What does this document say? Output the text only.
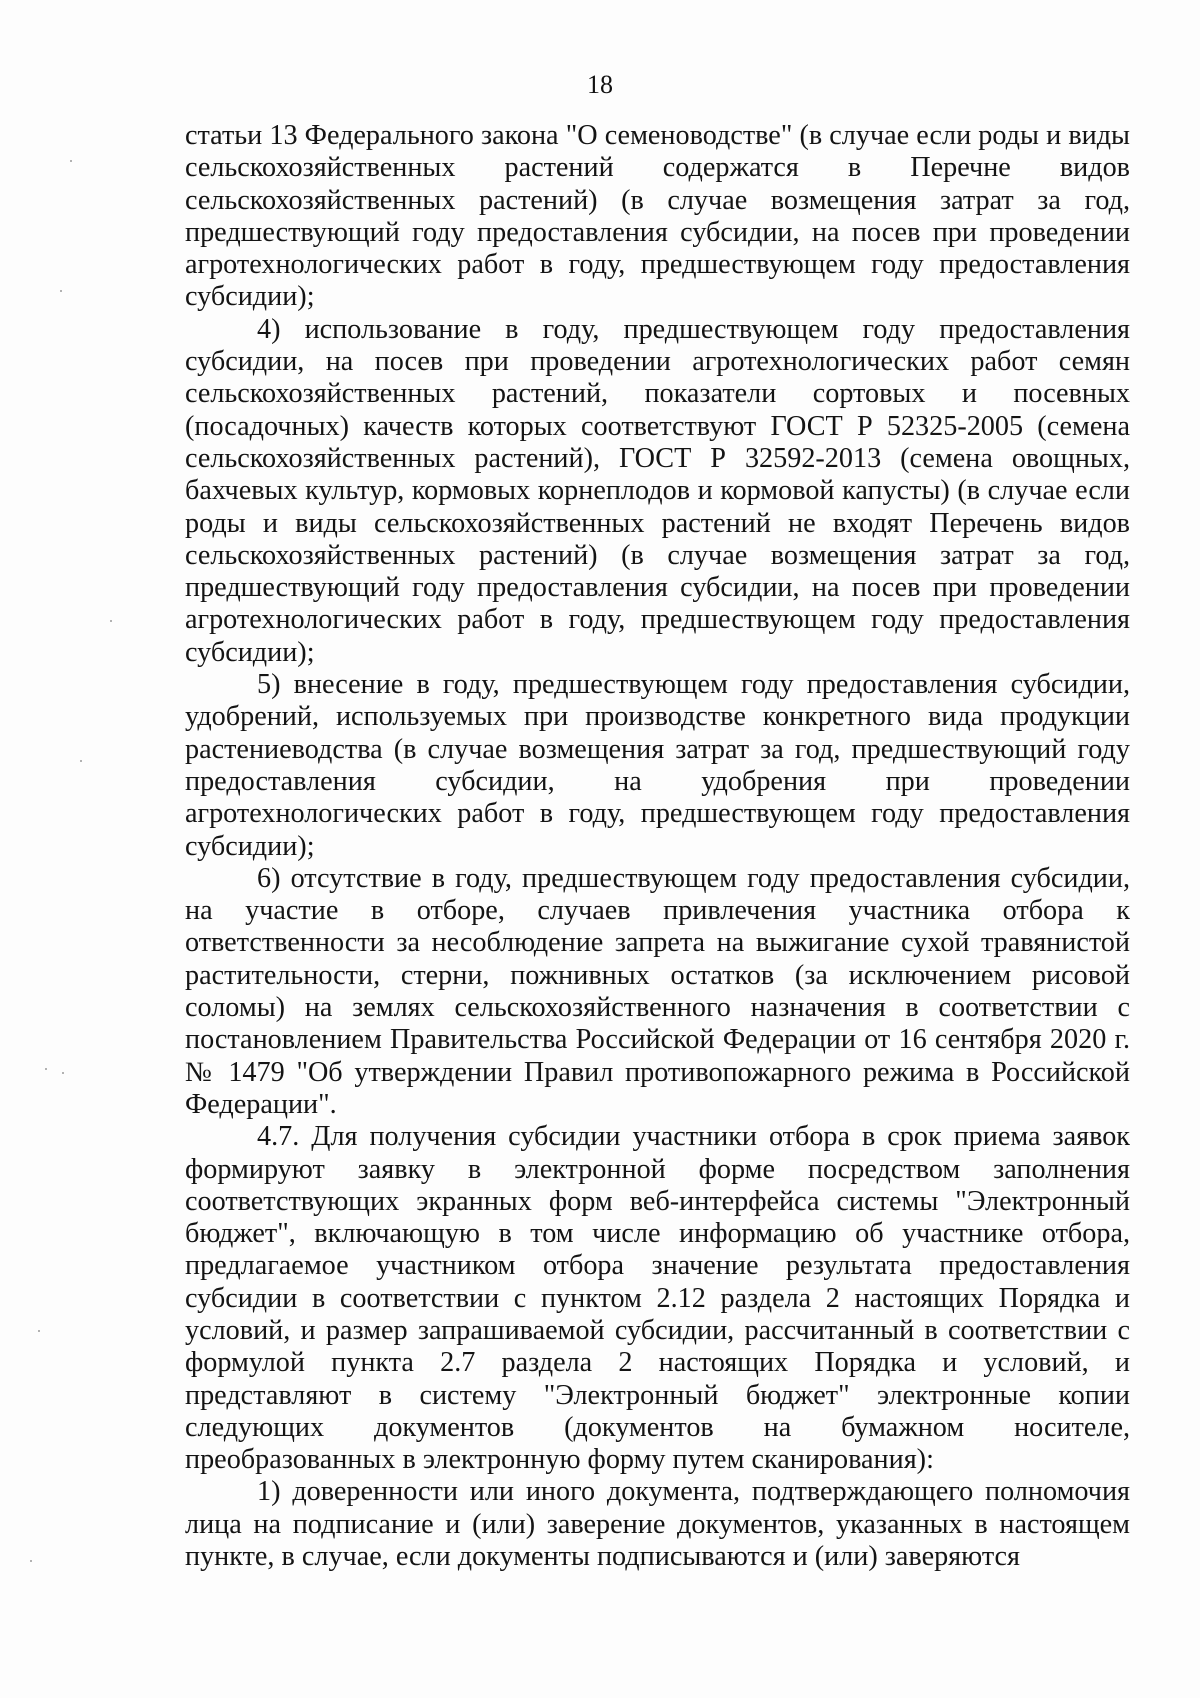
18

статьи 13 Федерального закона "О семеноводстве" (в случае если роды и виды сельскохозяйственных растений содержатся в Перечне видов сельскохозяйственных растений) (в случае возмещения затрат за год, предшествующий году предоставления субсидии, на посев при проведении агротехнологических работ в году, предшествующем году предоставления субсидии);

4) использование в году, предшествующем году предоставления субсидии, на посев при проведении агротехнологических работ семян сельскохозяйственных растений, показатели сортовых и посевных (посадочных) качеств которых соответствуют ГОСТ Р 52325-2005 (семена сельскохозяйственных растений), ГОСТ Р 32592-2013 (семена овощных, бахчевых культур, кормовых корнеплодов и кормовой капусты) (в случае если роды и виды сельскохозяйственных растений не входят Перечень видов сельскохозяйственных растений) (в случае возмещения затрат за год, предшествующий году предоставления субсидии, на посев при проведении агротехнологических работ в году, предшествующем году предоставления субсидии);

5) внесение в году, предшествующем году предоставления субсидии, удобрений, используемых при производстве конкретного вида продукции растениеводства (в случае возмещения затрат за год, предшествующий году предоставления субсидии, на удобрения при проведении агротехнологических работ в году, предшествующем году предоставления субсидии);

6) отсутствие в году, предшествующем году предоставления субсидии, на участие в отборе, случаев привлечения участника отбора к ответственности за несоблюдение запрета на выжигание сухой травянистой растительности, стерни, пожнивных остатков (за исключением рисовой соломы) на землях сельскохозяйственного назначения в соответствии с постановлением Правительства Российской Федерации от 16 сентября 2020 г. № 1479 "Об утверждении Правил противопожарного режима в Российской Федерации".

4.7. Для получения субсидии участники отбора в срок приема заявок формируют заявку в электронной форме посредством заполнения соответствующих экранных форм веб-интерфейса системы "Электронный бюджет", включающую в том числе информацию об участнике отбора, предлагаемое участником отбора значение результата предоставления субсидии в соответствии с пунктом 2.12 раздела 2 настоящих Порядка и условий, и размер запрашиваемой субсидии, рассчитанный в соответствии с формулой пункта 2.7 раздела 2 настоящих Порядка и условий, и представляют в систему "Электронный бюджет" электронные копии следующих документов (документов на бумажном носителе, преобразованных в электронную форму путем сканирования):

1) доверенности или иного документа, подтверждающего полномочия лица на подписание и (или) заверение документов, указанных в настоящем пункте, в случае, если документы подписываются и (или) заверяются
